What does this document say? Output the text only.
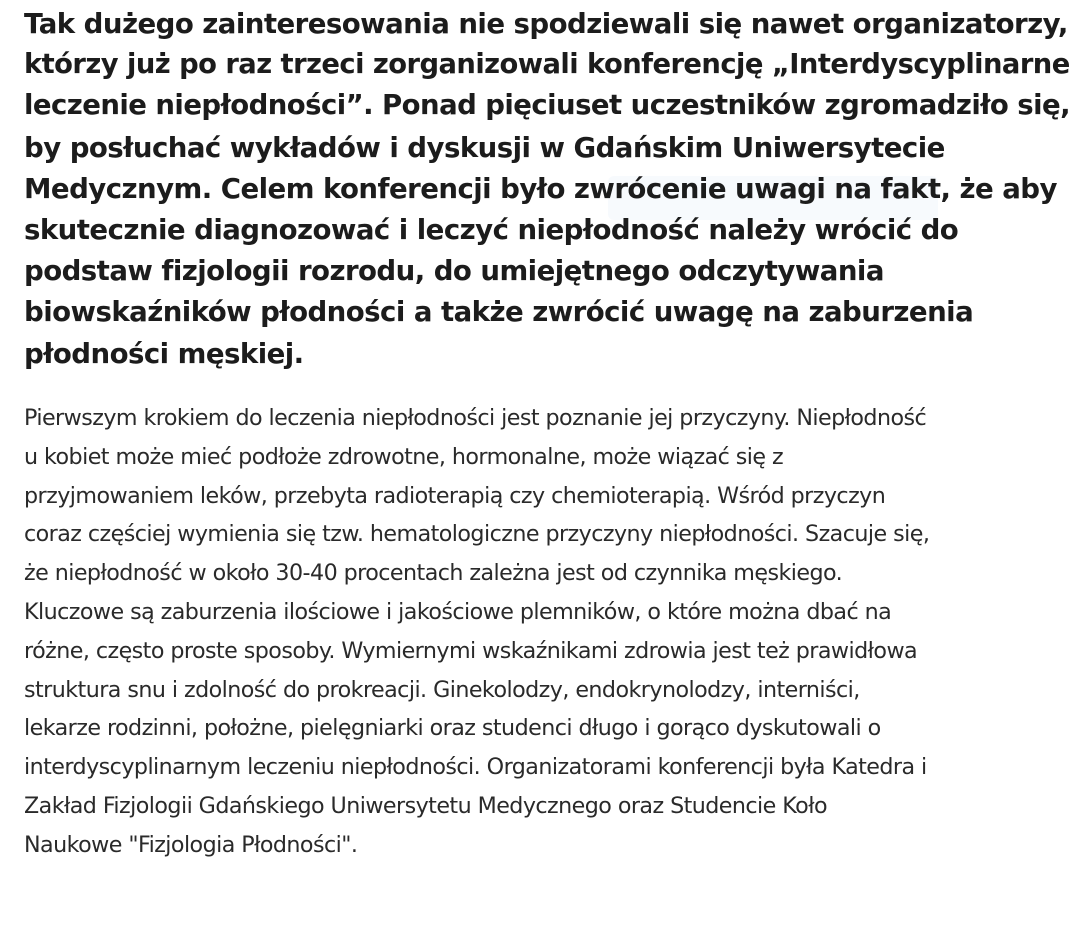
Tak dużego zainteresowania nie spodziewali się nawet organizatorzy,
którzy już po raz trzeci zorganizowali konferencję „Interdyscyplinarne
leczenie niepłodności”. Ponad pięciuset uczestników zgromadziło się,
by posłuchać wykładów i dyskusji w Gdańskim Uniwersytecie
Medycznym. Celem konferencji było zwrócenie uwagi na fakt, że aby
skutecznie diagnozować i leczyć niepłodność należy wrócić do
podstaw fizjologii rozrodu, do umiejętnego odczytywania
biowskaźników płodności a także zwrócić uwagę na zaburzenia
płodności męskiej.

Pierwszym krokiem do leczenia niepłodności jest poznanie jej przyczyny. Niepłodność
u kobiet może mieć podłoże zdrowotne, hormonalne, może wiązać się z
przyjmowaniem leków, przebyta radioterapią czy chemioterapią. Wśród przyczyn
coraz częściej wymienia się tzw. hematologiczne przyczyny niepłodności. Szacuje się,
że niepłodność w około 30-40 procentach zależna jest od czynnika męskiego.
Kluczowe są zaburzenia ilościowe i jakościowe plemników, o które można dbać na
różne, często proste sposoby. Wymiernymi wskaźnikami zdrowia jest też prawidłowa
struktura snu i zdolność do prokreacji. Ginekolodzy, endokrynolodzy, interniści,
lekarze rodzinni, położne, pielęgniarki oraz studenci długo i gorąco dyskutowali o
interdyscyplinarnym leczeniu niepłodności. Organizatorami konferencji była Katedra i
Zakład Fizjologii Gdańskiego Uniwersytetu Medycznego oraz Studencie Koło
Naukowe "Fizjologia Płodności".
